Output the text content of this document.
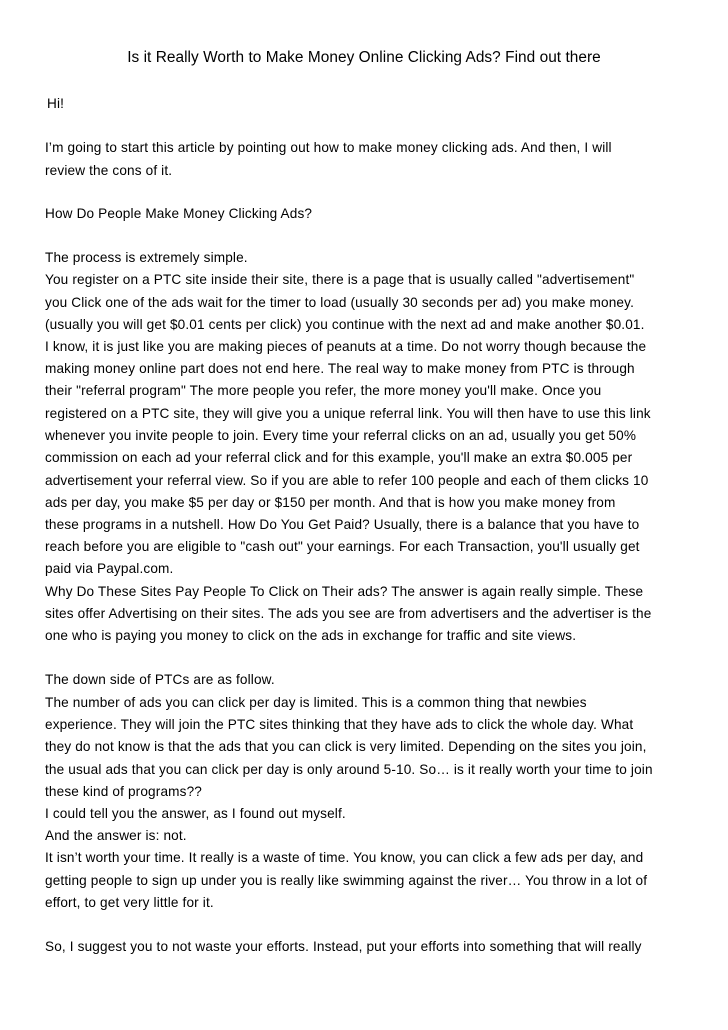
Is it Really Worth to Make Money Online Clicking Ads? Find out there
Hi!
I’m going to start this article by pointing out how to make money clicking ads. And then, I will
review the cons of it.
How Do People Make Money Clicking Ads?
The process is extremely simple.
You register on a PTC site inside their site, there is a page that is usually called "advertisement"
you Click one of the ads wait for the timer to load (usually 30 seconds per ad) you make money.
(usually you will get $0.01 cents per click) you continue with the next ad and make another $0.01.
I know, it is just like you are making pieces of peanuts at a time. Do not worry though because the
making money online part does not end here. The real way to make money from PTC is through
their "referral program" The more people you refer, the more money you'll make. Once you
registered on a PTC site, they will give you a unique referral link. You will then have to use this link
whenever you invite people to join. Every time your referral clicks on an ad, usually you get 50%
commission on each ad your referral click and for this example, you'll make an extra $0.005 per
advertisement your referral view. So if you are able to refer 100 people and each of them clicks 10
ads per day, you make $5 per day or $150 per month. And that is how you make money from
these programs in a nutshell. How Do You Get Paid? Usually, there is a balance that you have to
reach before you are eligible to "cash out" your earnings. For each Transaction, you'll usually get
paid via Paypal.com.
Why Do These Sites Pay People To Click on Their ads? The answer is again really simple. These
sites offer Advertising on their sites. The ads you see are from advertisers and the advertiser is the
one who is paying you money to click on the ads in exchange for traffic and site views.
The down side of PTCs are as follow.
The number of ads you can click per day is limited. This is a common thing that newbies
experience. They will join the PTC sites thinking that they have ads to click the whole day. What
they do not know is that the ads that you can click is very limited. Depending on the sites you join,
the usual ads that you can click per day is only around 5-10. So… is it really worth your time to join
these kind of programs??
I could tell you the answer, as I found out myself.
And the answer is: not.
It isn’t worth your time. It really is a waste of time. You know, you can click a few ads per day, and
getting people to sign up under you is really like swimming against the river… You throw in a lot of
effort, to get very little for it.
So, I suggest you to not waste your efforts. Instead, put your efforts into something that will really
